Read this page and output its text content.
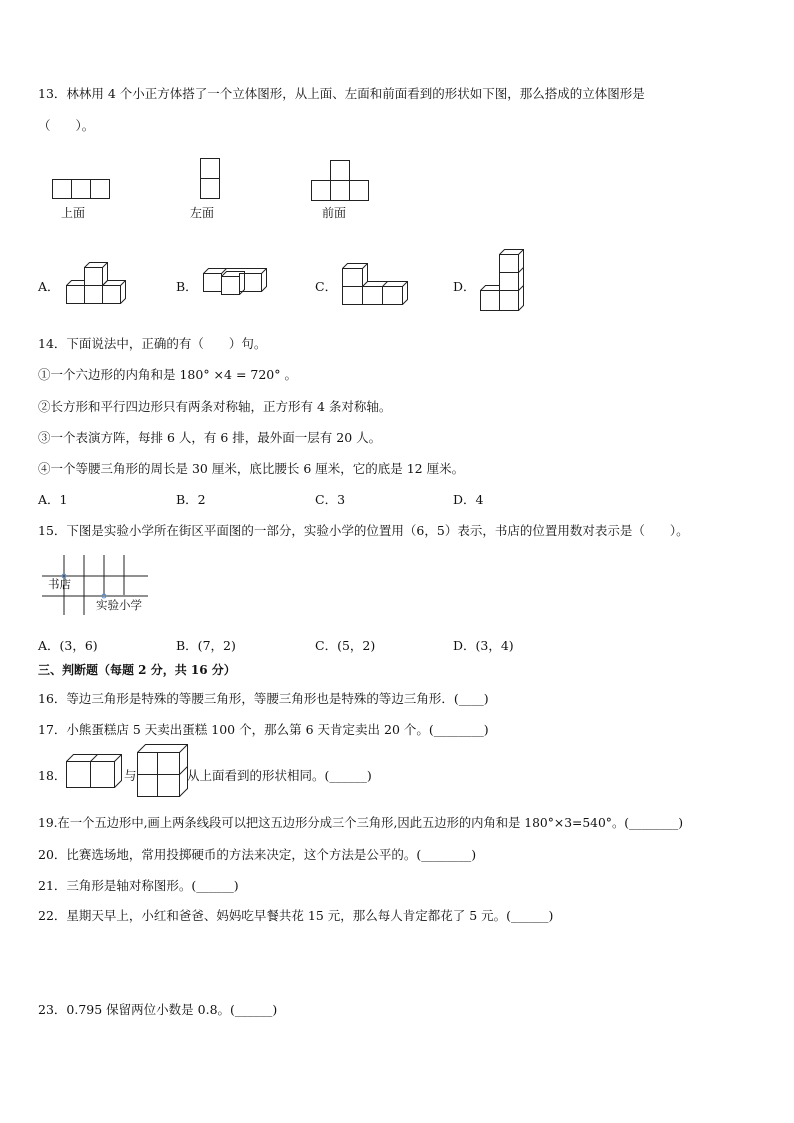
13．林林用 4 个小正方体搭了一个立体图形，从上面、左面和前面看到的形状如下图，那么搭成的立体图形是
（　　）。
上面	左面	前面
A．	B．	C．	D．
14．下面说法中，正确的有（　　）句。
①一个六边形的内角和是 180° ×4 = 720° 。
②长方形和平行四边形只有两条对称轴，正方形有 4 条对称轴。
③一个表演方阵，每排 6 人，有 6 排，最外面一层有 20 人。
④一个等腰三角形的周长是 30 厘米，底比腰长 6 厘米，它的底是 12 厘米。
A．1	B．2	C．3	D．4
15．下图是实验小学所在街区平面图的一部分，实验小学的位置用（6，5）表示，书店的位置用数对表示是（　　）。
书店
实验小学
A．(3，6)	B．(7，2)	C．(5，2)	D．(3，4)
三、判断题（每题 2 分，共 16 分）
16．等边三角形是特殊的等腰三角形，等腰三角形也是特殊的等边三角形．(____)
17．小熊蛋糕店 5 天卖出蛋糕 100 个，那么第 6 天肯定卖出 20 个。(________)
18．	与	从上面看到的形状相同。(______)
19.在一个五边形中,画上两条线段可以把这五边形分成三个三角形,因此五边形的内角和是 180°×3=540°。(________)
20．比赛选场地，常用投掷硬币的方法来决定，这个方法是公平的。(________)
21．三角形是轴对称图形。(______)
22．星期天早上，小红和爸爸、妈妈吃早餐共花 15 元，那么每人肯定都花了 5 元。(______)
23．0.795 保留两位小数是 0.8。(______)
